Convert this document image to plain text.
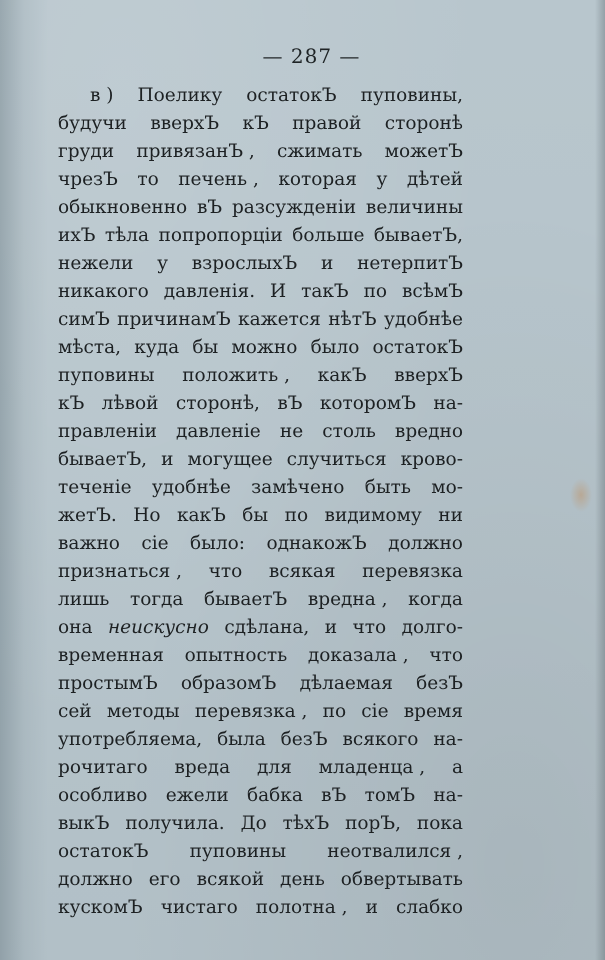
— 287 —
в ) Поелику остатокЪ пуповины,
будучи вверхЪ кЪ правой сторонѣ
груди привязанЪ , сжимать можетЪ
чрезЪ то печень , которая у дѣтей
обыкновенно вЪ разсужденіи величины
ихЪ тѣла попропорціи больше бываетЪ,
нежели у взрослыхЪ и нетерпитЪ
никакого давленія. И такЪ по всѣмЪ
симЪ причинамЪ кажется нѣтЪ удобнѣе
мѣста, куда бы можно было остатокЪ
пуповины положить , какЪ вверхЪ
кЪ лѣвой сторонѣ, вЪ которомЪ на-
правленіи давленіе не столь вредно
бываетЪ, и могущее случиться крово-
теченіе удобнѣе замѣчено быть мо-
жетЪ. Но какЪ бы по видимому ни
важно сіе было: однакожЪ должно
признаться , что всякая перевязка
лишь тогда бываетЪ вредна , когда
она неискусно сдѣлана, и что долго-
временная опытность доказала , что
простымЪ образомЪ дѣлаемая безЪ
сей методы перевязка , по сіе время
употребляема, была безЪ всякого на-
рочитаго вреда для младенца , а
особливо ежели бабка вЪ томЪ на-
выкЪ получила. До тѣхЪ порЪ, пока
остатокЪ пуповины неотвалился ,
должно его всякой день обвертывать
кускомЪ чистаго полотна , и слабко
